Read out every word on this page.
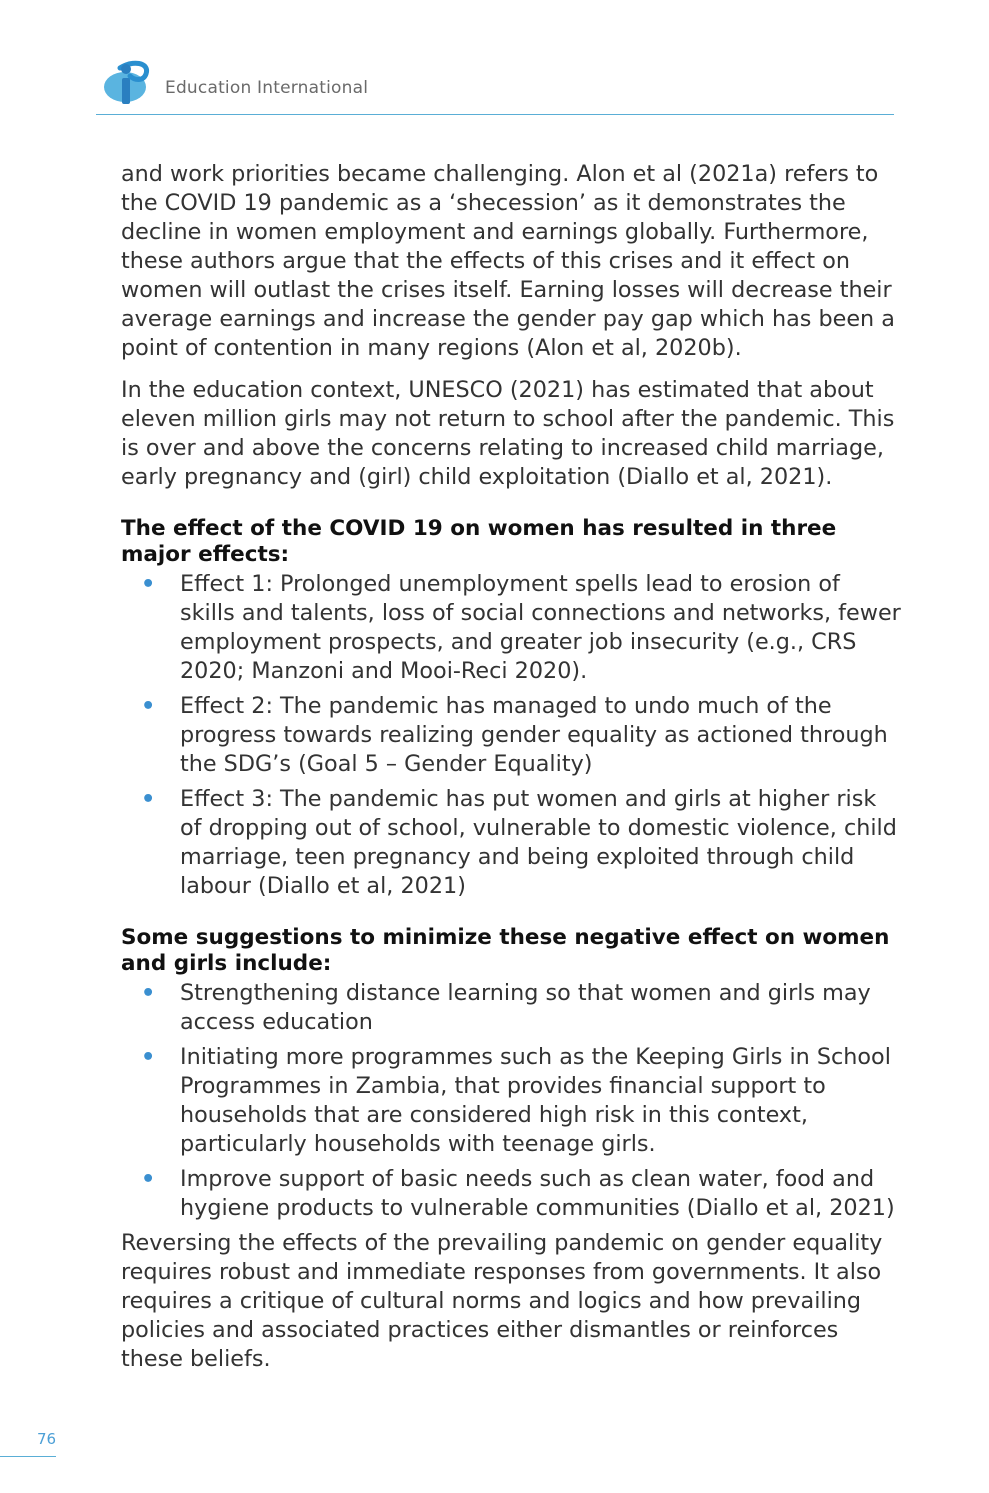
Education International

and work priorities became challenging. Alon et al (2021a) refers to the COVID 19 pandemic as a ‘shecession’ as it demonstrates the decline in women employment and earnings globally. Furthermore, these authors argue that the effects of this crises and it effect on women will outlast the crises itself. Earning losses will decrease their average earnings and increase the gender pay gap which has been a point of contention in many regions (Alon et al, 2020b).

In the education context, UNESCO (2021) has estimated that about eleven million girls may not return to school after the pandemic. This is over and above the concerns relating to increased child marriage, early pregnancy and (girl) child exploitation (Diallo et al, 2021).

The effect of the COVID 19 on women has resulted in three major effects:
• Effect 1: Prolonged unemployment spells lead to erosion of skills and talents, loss of social connections and networks, fewer employment prospects, and greater job insecurity (e.g., CRS 2020; Manzoni and Mooi-Reci 2020).
• Effect 2: The pandemic has managed to undo much of the progress towards realizing gender equality as actioned through the SDG’s (Goal 5 – Gender Equality)
• Effect 3: The pandemic has put women and girls at higher risk of dropping out of school, vulnerable to domestic violence, child marriage, teen pregnancy and being exploited through child labour (Diallo et al, 2021)
Some suggestions to minimize these negative effect on women and girls include:
• Strengthening distance learning so that women and girls may access education
• Initiating more programmes such as the Keeping Girls in School Programmes in Zambia, that provides financial support to households that are considered high risk in this context, particularly households with teenage girls.
• Improve support of basic needs such as clean water, food and hygiene products to vulnerable communities (Diallo et al, 2021)

Reversing the effects of the prevailing pandemic on gender equality requires robust and immediate responses from governments. It also requires a critique of cultural norms and logics and how prevailing policies and associated practices either dismantles or reinforces these beliefs.

76
